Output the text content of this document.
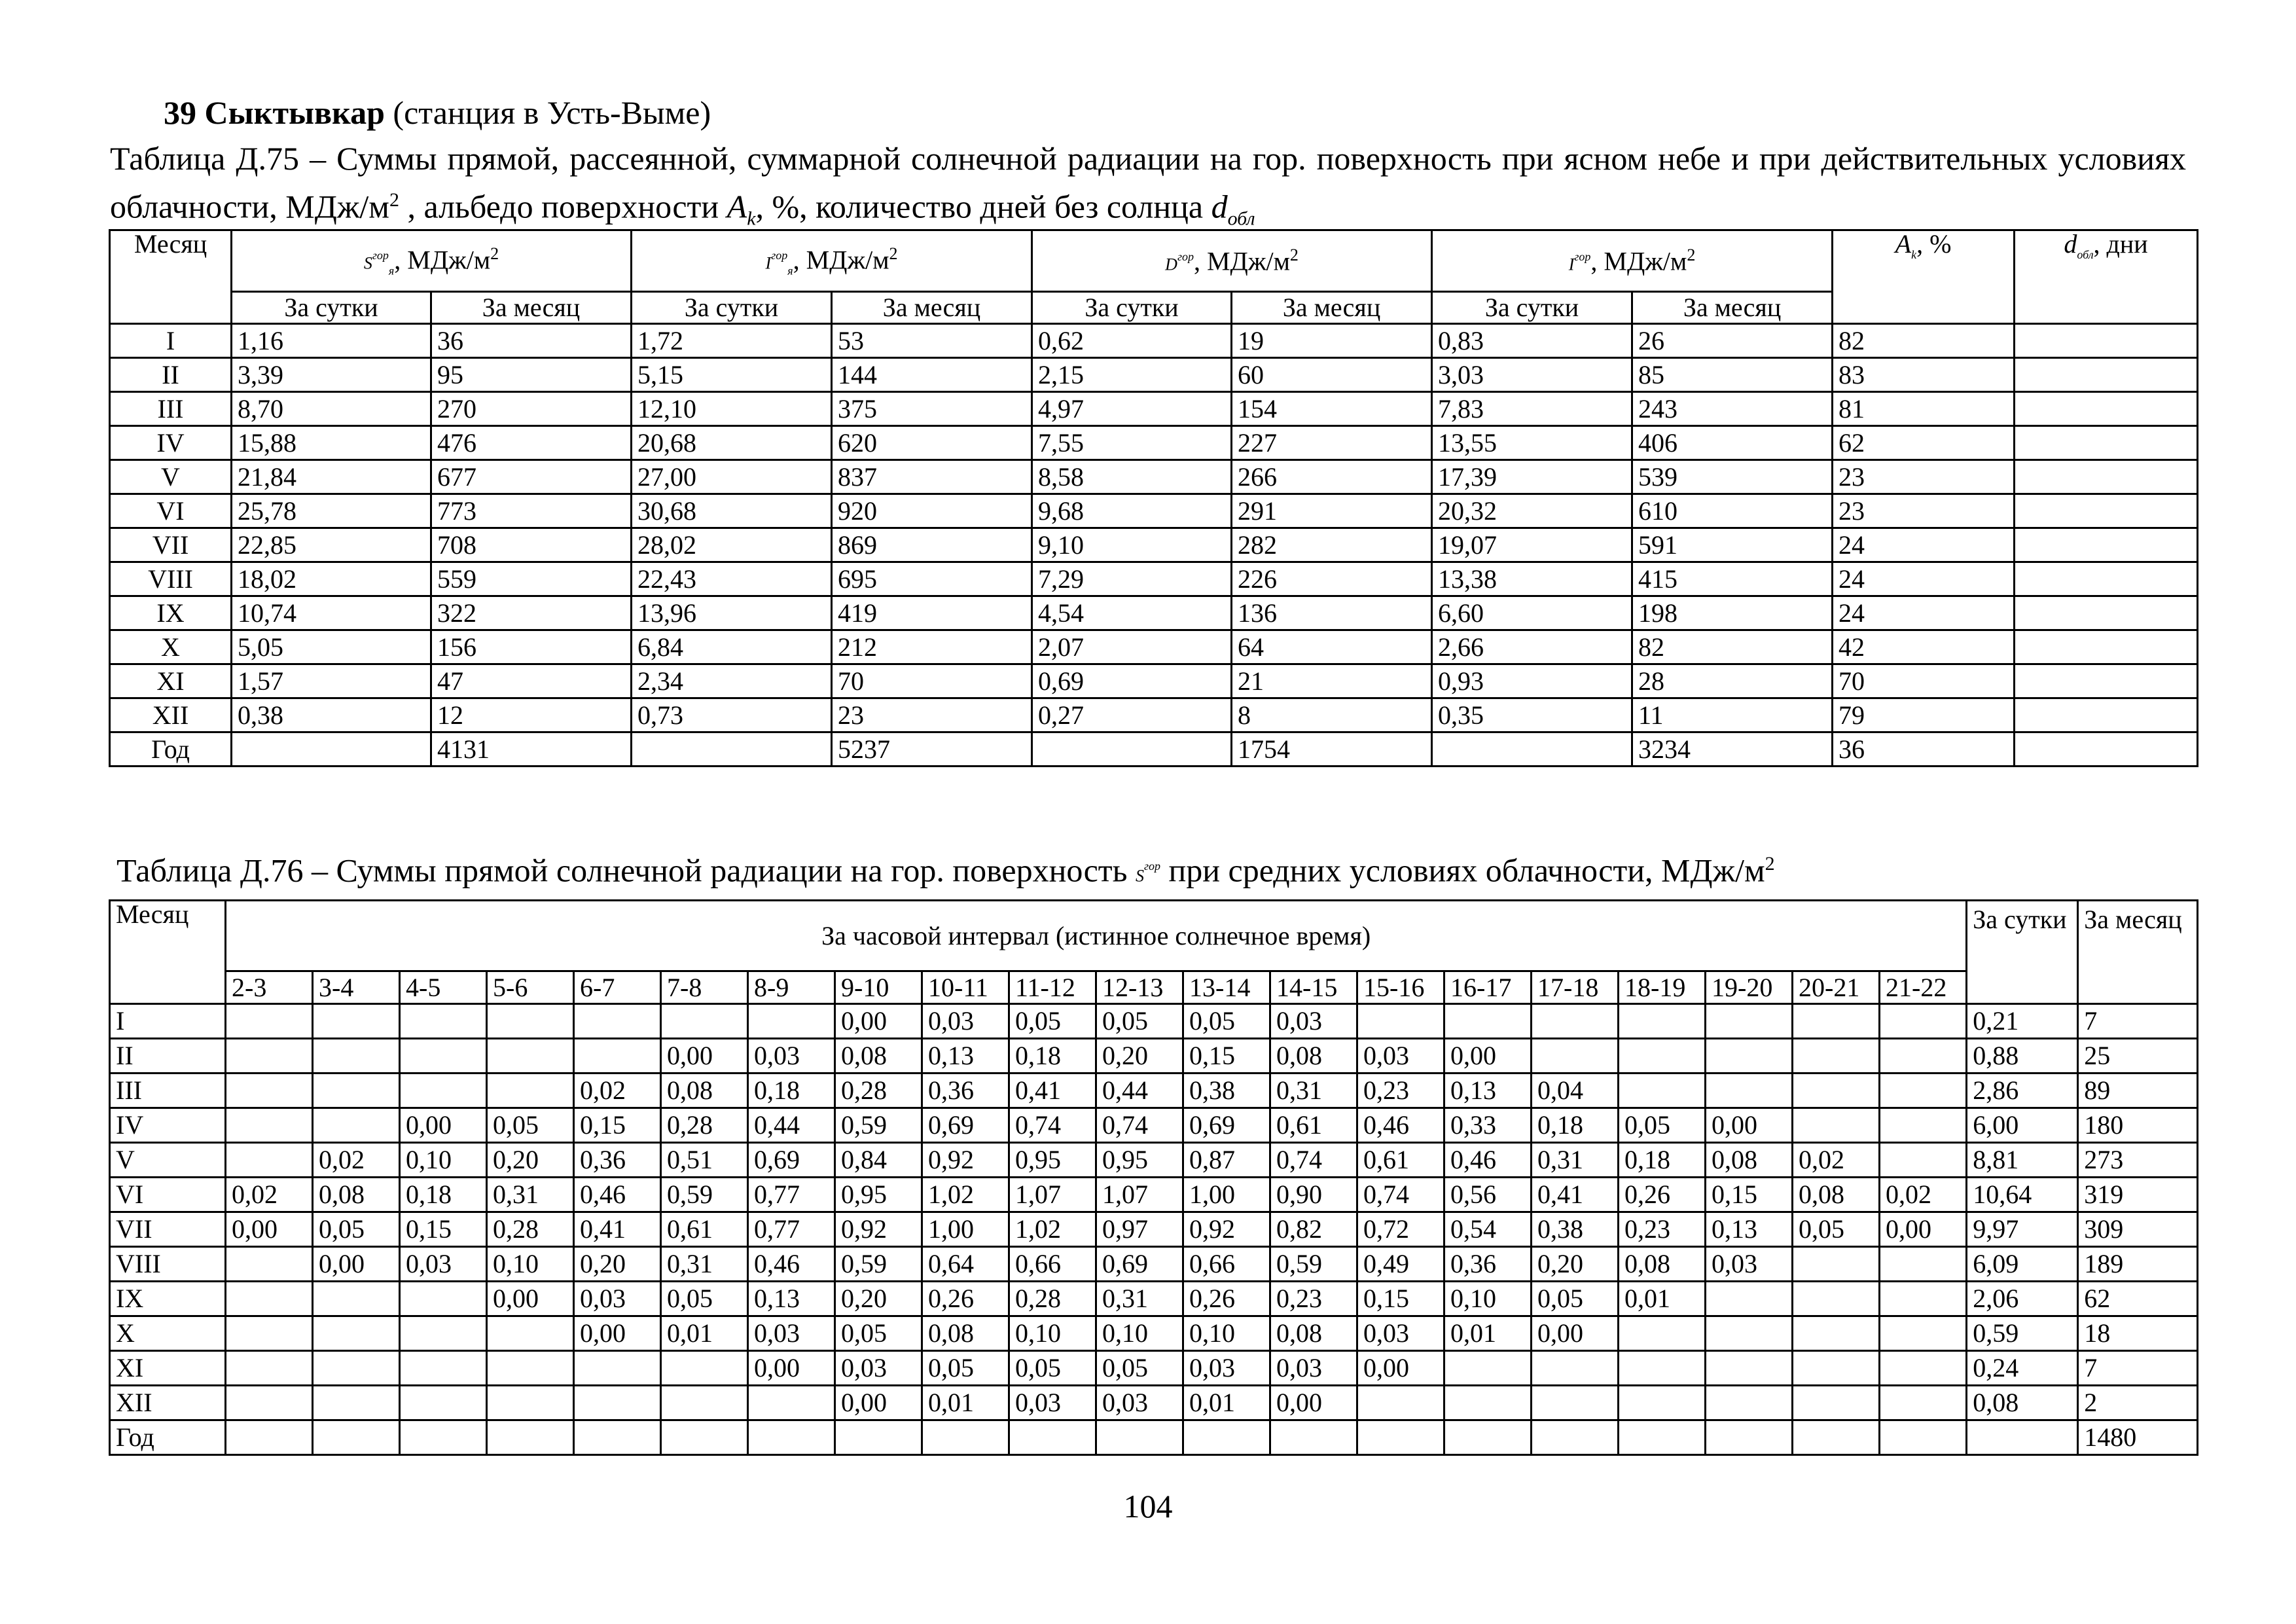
39 Сыктывкар (станция в Усть-Выме)
Таблица Д.75 – Суммы прямой, рассеянной, суммарной солнечной радиации на гор. поверхность при ясном небе и при действительных условиях облачности, МДж/$м^2$ , альбедо поверхности $A_k$, %, количество дней без солнца $d_{обл}$
Месяц	$S^{гор}_я$, МДж/$м^2$		$I^{гор}_я$, МДж/$м^2$		$D^{гор}$, МДж/$м^2$		$I^{гор}$, МДж/$м^2$		$A_k$, %	$d_{обл}$, дни
	За сутки	За месяц	За сутки	За месяц	За сутки	За месяц	За сутки	За месяц		
I	1,16	36	1,72	53	0,62	19	0,83	26	82	
II	3,39	95	5,15	144	2,15	60	3,03	85	83	
III	8,70	270	12,10	375	4,97	154	7,83	243	81	
IV	15,88	476	20,68	620	7,55	227	13,55	406	62	
V	21,84	677	27,00	837	8,58	266	17,39	539	23	
VI	25,78	773	30,68	920	9,68	291	20,32	610	23	
VII	22,85	708	28,02	869	9,10	282	19,07	591	24	
VIII	18,02	559	22,43	695	7,29	226	13,38	415	24	
IX	10,74	322	13,96	419	4,54	136	6,60	198	24	
X	5,05	156	6,84	212	2,07	64	2,66	82	42	
XI	1,57	47	2,34	70	0,69	21	0,93	28	70	
XII	0,38	12	0,73	23	0,27	8	0,35	11	79	
Год		4131		5237		1754		3234	36	
Таблица Д.76 – Суммы прямой солнечной радиации на гор. поверхность $S^{гор}$ при средних условиях облачности, МДж/$м^2$
Месяц	За часовой интервал (истинное солнечное время)																				За сутки	За месяц
	2-3	3-4	4-5	5-6	6-7	7-8	8-9	9-10	10-11	11-12	12-13	13-14	14-15	15-16	16-17	17-18	18-19	19-20	20-21	21-22		
I								0,00	0,03	0,05	0,05	0,05	0,03								0,21	7
II						0,00	0,03	0,08	0,13	0,18	0,20	0,15	0,08	0,03	0,00						0,88	25
III					0,02	0,08	0,18	0,28	0,36	0,41	0,44	0,38	0,31	0,23	0,13	0,04					2,86	89
IV			0,00	0,05	0,15	0,28	0,44	0,59	0,69	0,74	0,74	0,69	0,61	0,46	0,33	0,18	0,05	0,00			6,00	180
V		0,02	0,10	0,20	0,36	0,51	0,69	0,84	0,92	0,95	0,95	0,87	0,74	0,61	0,46	0,31	0,18	0,08	0,02		8,81	273
VI	0,02	0,08	0,18	0,31	0,46	0,59	0,77	0,95	1,02	1,07	1,07	1,00	0,90	0,74	0,56	0,41	0,26	0,15	0,08	0,02	10,64	319
VII	0,00	0,05	0,15	0,28	0,41	0,61	0,77	0,92	1,00	1,02	0,97	0,92	0,82	0,72	0,54	0,38	0,23	0,13	0,05	0,00	9,97	309
VIII		0,00	0,03	0,10	0,20	0,31	0,46	0,59	0,64	0,66	0,69	0,66	0,59	0,49	0,36	0,20	0,08	0,03			6,09	189
IX				0,00	0,03	0,05	0,13	0,20	0,26	0,28	0,31	0,26	0,23	0,15	0,10	0,05	0,01				2,06	62
X					0,00	0,01	0,03	0,05	0,08	0,10	0,10	0,10	0,08	0,03	0,01	0,00					0,59	18
XI							0,00	0,03	0,05	0,05	0,05	0,03	0,03	0,00							0,24	7
XII								0,00	0,01	0,03	0,03	0,01	0,00								0,08	2
Год																						1480
104
